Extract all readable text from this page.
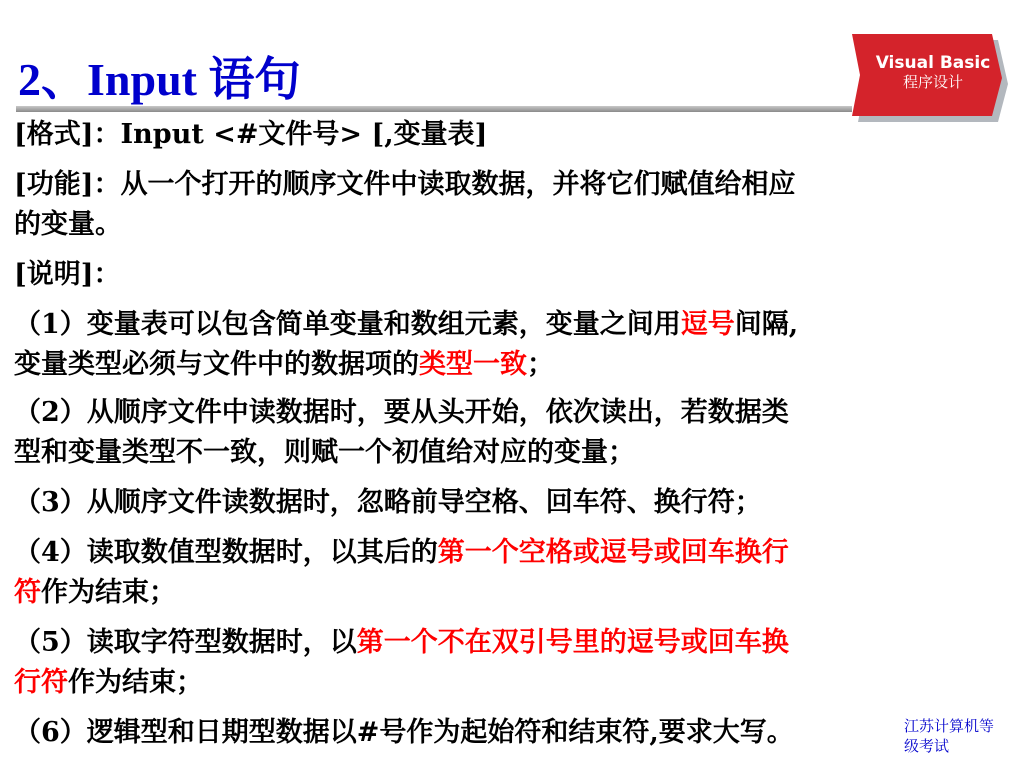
2、Input 语句	Visual Basic
程序设计
[格式]：Input <#文件号> [,变量表]
[功能]：从一个打开的顺序文件中读取数据，并将它们赋值给相应
的变量。
[说明]：
（1）变量表可以包含简单变量和数组元素，变量之间用逗号间隔,
变量类型必须与文件中的数据项的类型一致；
（2）从顺序文件中读数据时，要从头开始，依次读出，若数据类
型和变量类型不一致，则赋一个初值给对应的变量；
（3）从顺序文件读数据时，忽略前导空格、回车符、换行符；
（4）读取数值型数据时，以其后的第一个空格或逗号或回车换行
符作为结束；
（5）读取字符型数据时，以第一个不在双引号里的逗号或回车换
行符作为结束；
（6）逻辑型和日期型数据以#号作为起始符和结束符,要求大写。	江苏计算机等
级考试
